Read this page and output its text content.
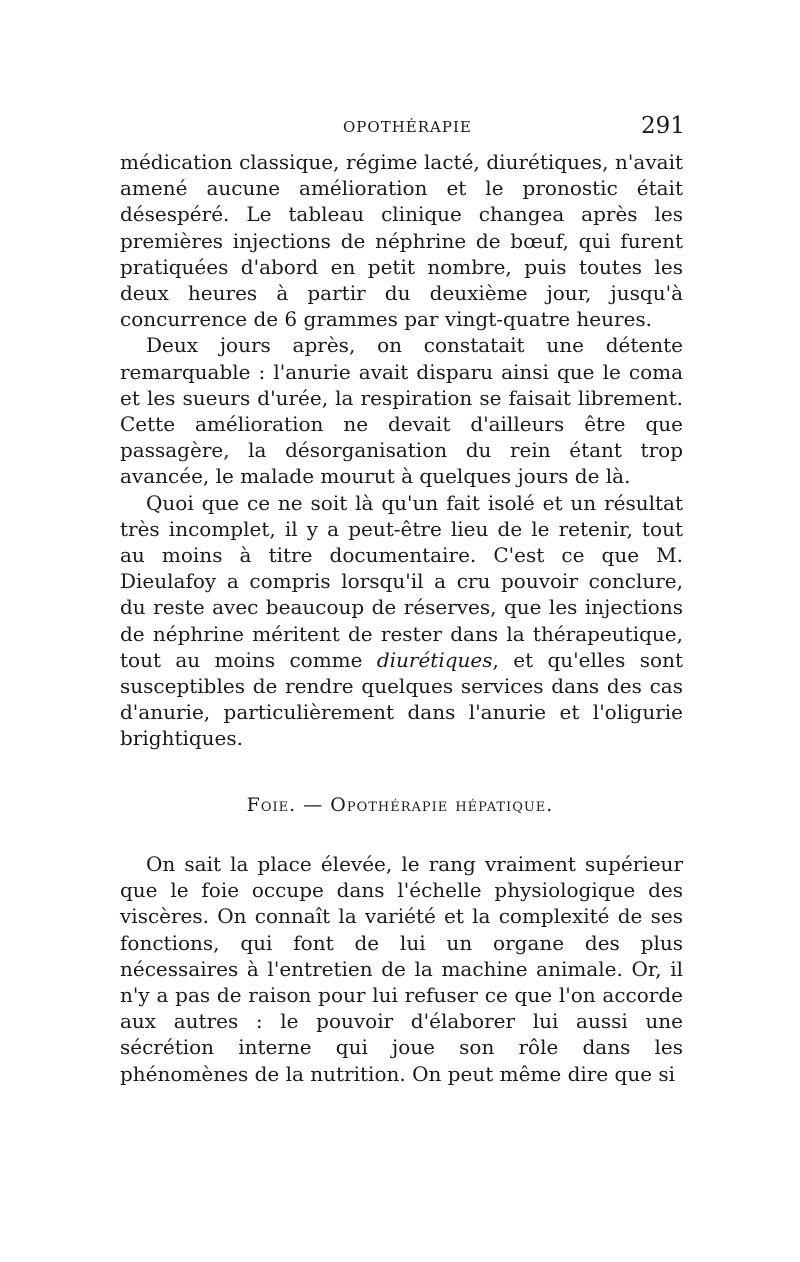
OPOTHÉRAPIE	291

médication classique, régime lacté, diurétiques, n'avait amené aucune amélioration et le pronostic était désespéré. Le tableau clinique changea après les premières injections de néphrine de bœuf, qui furent pratiquées d'abord en petit nombre, puis toutes les deux heures à partir du deuxième jour, jusqu'à concurrence de 6 grammes par vingt-quatre heures.

Deux jours après, on constatait une détente remarquable : l'anurie avait disparu ainsi que le coma et les sueurs d'urée, la respiration se faisait librement. Cette amélioration ne devait d'ailleurs être que passagère, la désorganisation du rein étant trop avancée, le malade mourut à quelques jours de là.

Quoi que ce ne soit là qu'un fait isolé et un résultat très incomplet, il y a peut-être lieu de le retenir, tout au moins à titre documentaire. C'est ce que M. Dieulafoy a compris lorsqu'il a cru pouvoir conclure, du reste avec beaucoup de réserves, que les injections de néphrine méritent de rester dans la thérapeutique, tout au moins comme diurétiques, et qu'elles sont susceptibles de rendre quelques services dans des cas d'anurie, particulièrement dans l'anurie et l'oligurie brightiques.

Foie. — Opothérapie hépatique.

On sait la place élevée, le rang vraiment supérieur que le foie occupe dans l'échelle physiologique des viscères. On connaît la variété et la complexité de ses fonctions, qui font de lui un organe des plus nécessaires à l'entretien de la machine animale. Or, il n'y a pas de raison pour lui refuser ce que l'on accorde aux autres : le pouvoir d'élaborer lui aussi une sécrétion interne qui joue son rôle dans les phénomènes de la nutrition. On peut même dire que si
